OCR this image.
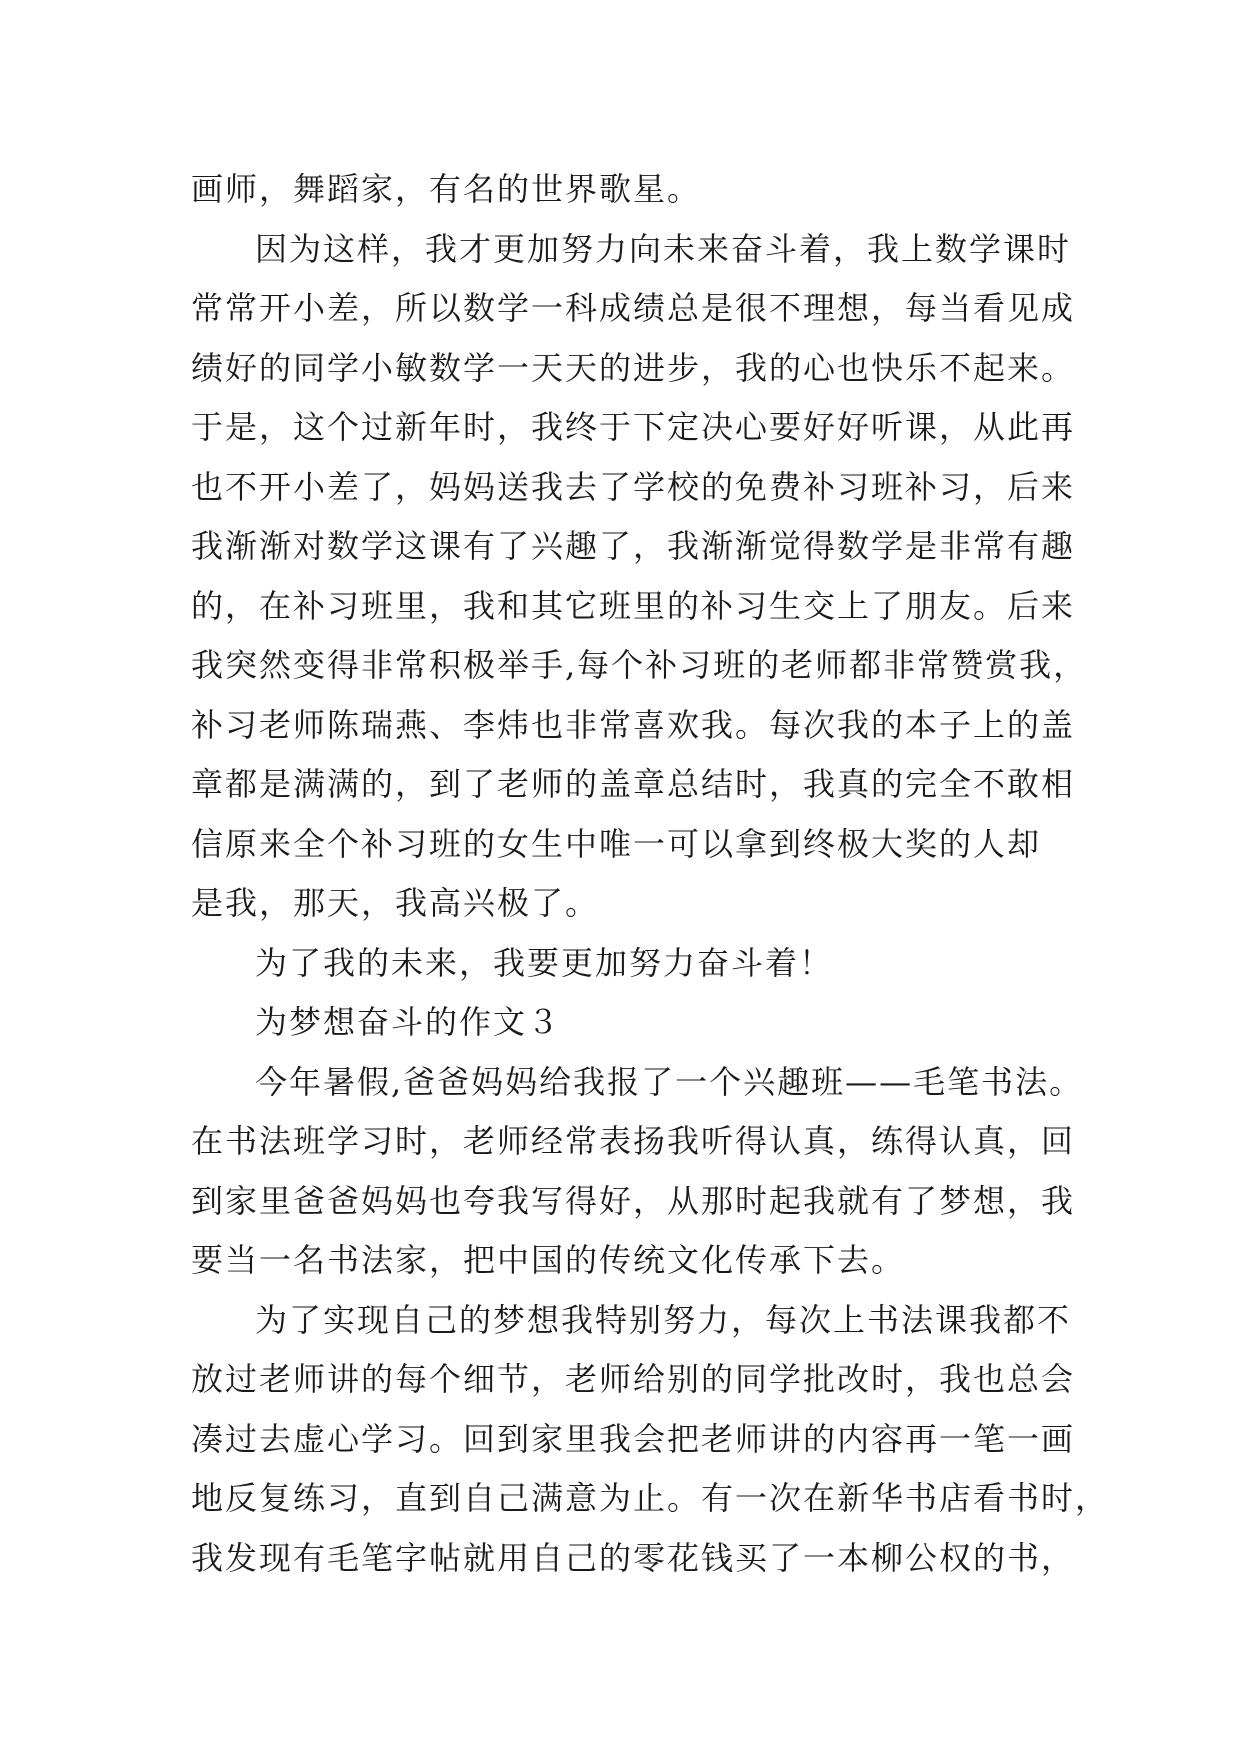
画师，舞蹈家，有名的世界歌星。
因为这样，我才更加努力向未来奋斗着，我上数学课时
常常开小差，所以数学一科成绩总是很不理想，每当看见成
绩好的同学小敏数学一天天的进步，我的心也快乐不起来。
于是，这个过新年时，我终于下定决心要好好听课，从此再
也不开小差了，妈妈送我去了学校的免费补习班补习，后来
我渐渐对数学这课有了兴趣了，我渐渐觉得数学是非常有趣
的，在补习班里，我和其它班里的补习生交上了朋友。后来
我突然变得非常积极举手,每个补习班的老师都非常赞赏我，
补习老师陈瑞燕、李炜也非常喜欢我。每次我的本子上的盖
章都是满满的，到了老师的盖章总结时，我真的完全不敢相
信原来全个补习班的女生中唯一可以拿到终极大奖的人却
是我，那天，我高兴极了。
为了我的未来，我要更加努力奋斗着！
为梦想奋斗的作文３
今年暑假,爸爸妈妈给我报了一个兴趣班——毛笔书法。
在书法班学习时，老师经常表扬我听得认真，练得认真，回
到家里爸爸妈妈也夸我写得好，从那时起我就有了梦想，我
要当一名书法家，把中国的传统文化传承下去。
为了实现自己的梦想我特别努力，每次上书法课我都不
放过老师讲的每个细节，老师给别的同学批改时，我也总会
凑过去虚心学习。回到家里我会把老师讲的内容再一笔一画
地反复练习，直到自己满意为止。有一次在新华书店看书时，
我发现有毛笔字帖就用自己的零花钱买了一本柳公权的书，
